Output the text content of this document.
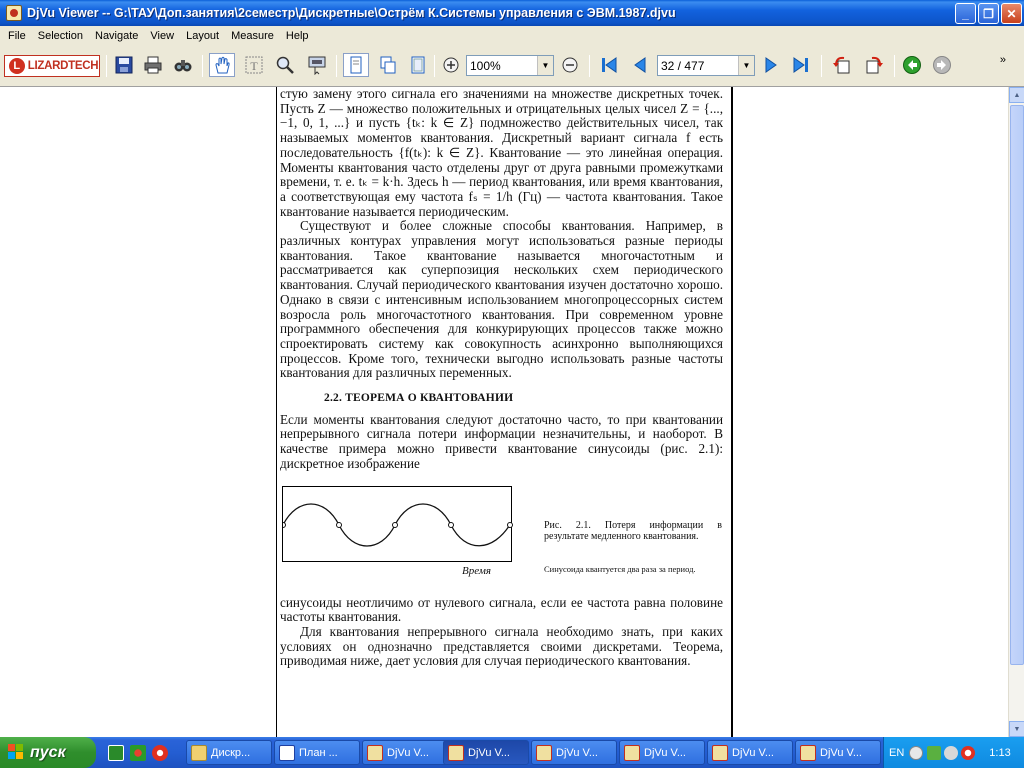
DjVu Viewer -- G:\ТАУ\Доп.занятия\2семестр\Дискретные\Острём К.Системы управления с ЭВМ.1987.djvu	_	❐	✕
File	Selection	Navigate	View	Layout	Measure	Help
L LIZARDTECH	T	100%	▼	32 / 477	▼	»

стую замену этого сигнала его значениями на множестве дискретных точек. Пусть Z — множество положительных и отрицательных целых чисел Z = {..., −1, 0, 1, ...} и пусть {tₖ: k ∈ Z} подмножество действительных чисел, так называемых моментов квантования. Дискретный вариант сигнала f есть последовательность {f(tₖ): k ∈ Z}. Квантование — это линейная операция. Моменты квантования часто отделены друг от друга равными промежутками времени, т. е. tₖ = k·h. Здесь h — период квантования, или время квантования, а соответствующая ему частота fₛ = 1/h (Гц) — частота квантования. Такое квантование называется периодическим.

Существуют и более сложные способы квантования. Например, в различных контурах управления могут использоваться разные периоды квантования. Такое квантование называется многочастотным и рассматривается как суперпозиция нескольких схем периодического квантования. Случай периодического квантования изучен достаточно хорошо. Однако в связи с интенсивным использованием многопроцессорных систем возросла роль многочастотного квантования. При современном уровне программного обеспечения для конкурирующих процессов также можно спроектировать систему как совокупность асинхронно выполняющихся процессов. Кроме того, технически выгодно использовать разные частоты квантования для различных переменных.

2.2. ТЕОРЕМА О КВАНТОВАНИИ

Если моменты квантования следуют достаточно часто, то при квантовании непрерывного сигнала потери информации незначительны, и наоборот. В качестве примера можно привести квантование синусоиды (рис. 2.1): дискретное изображение

Время
Рис. 2.1. Потеря информации в результате медленного квантования.
Синусоида квантуется два раза за период.

синусоиды неотличимо от нулевого сигнала, если ее частота равна половине частоты квантования.

Для квантования непрерывного сигнала необходимо знать, при каких условиях он однозначно представляется своими дискретами. Теорема, приводимая ниже, дает условия для случая периодического квантования.

▲
▼
пуск	Дискр...	План ...	DjVu V...	DjVu V...	DjVu V...	DjVu V...	DjVu V...	DjVu V... EN	1:13
